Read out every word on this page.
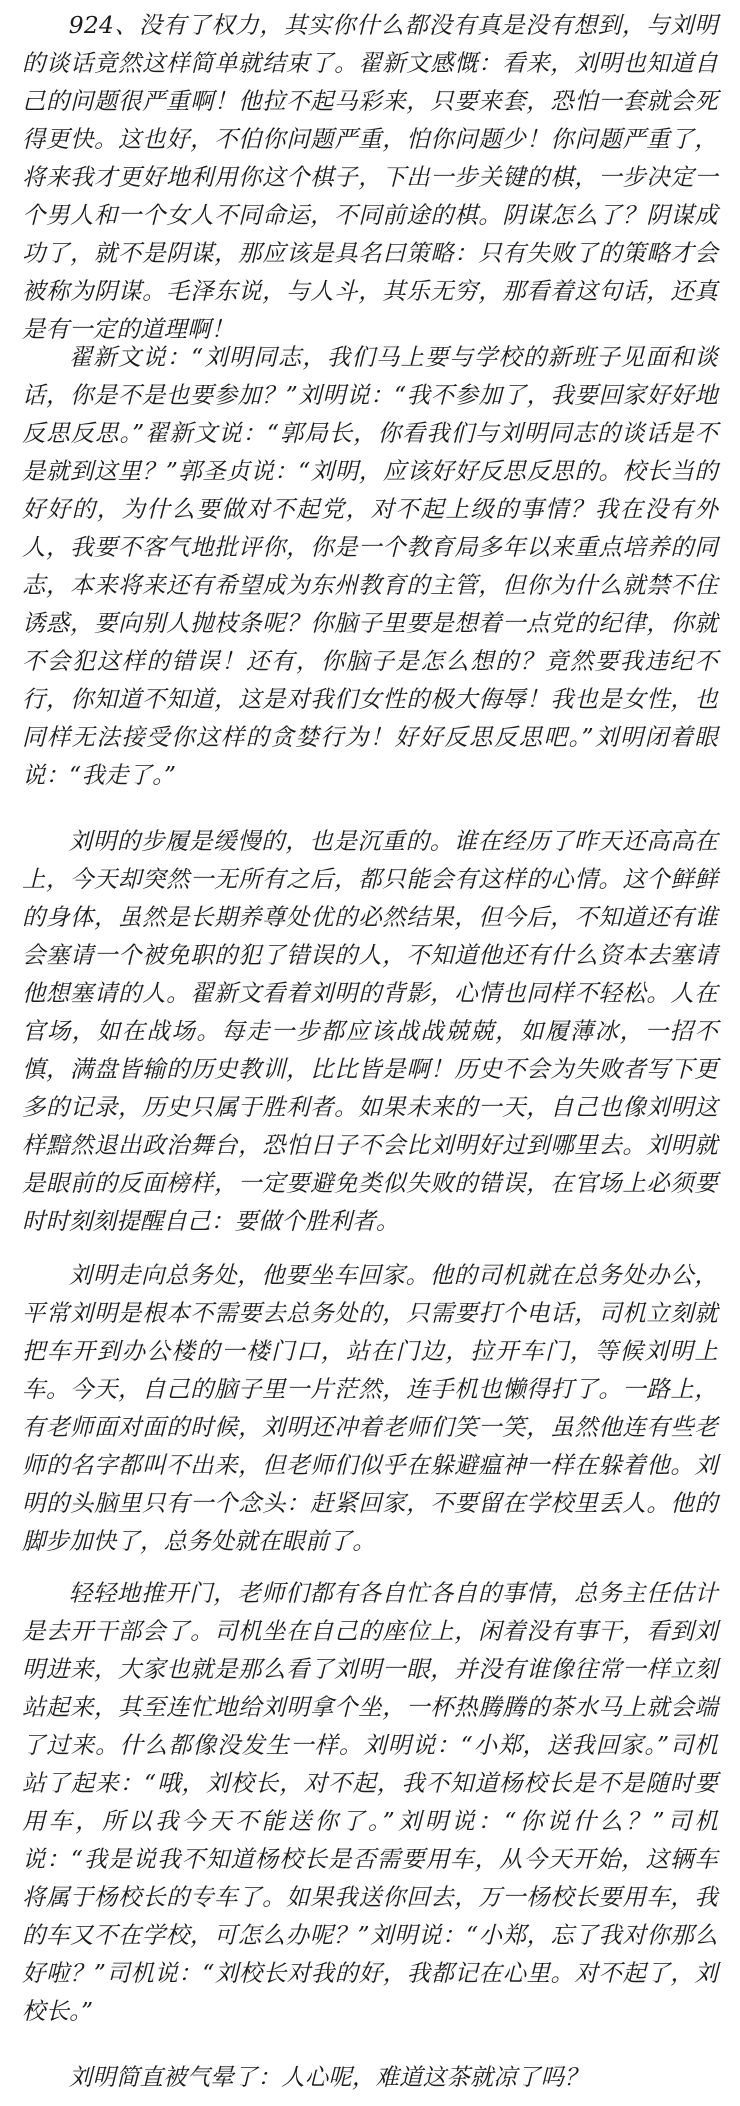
924、没有了权力，其实你什么都没有真是没有想到，与刘明的谈话竟然这样简单就结束了。翟新文感慨：看来，刘明也知道自己的问题很严重啊！他拉不起马彩来，只要来套，恐怕一套就会死得更快。这也好，不伯你问题严重，怕你问题少！你问题严重了，将来我才更好地利用你这个棋子，下出一步关键的棋，一步决定一个男人和一个女人不同命运，不同前途的棋。阴谋怎么了？阴谋成功了，就不是阴谋，那应该是具名曰策略：只有失败了的策略才会被称为阴谋。毛泽东说，与人斗，其乐无穷，那看着这句话，还真是有一定的道理啊！

翟新文说：“刘明同志，我们马上要与学校的新班子见面和谈话，你是不是也要参加？”刘明说：“我不参加了，我要回家好好地反思反思。”翟新文说：“郭局长，你看我们与刘明同志的谈话是不是就到这里？”郭圣贞说：“刘明，应该好好反思反思的。校长当的好好的，为什么要做对不起党，对不起上级的事情？我在没有外人，我要不客气地批评你，你是一个教育局多年以来重点培养的同志，本来将来还有希望成为东州教育的主管，但你为什么就禁不住诱惑，要向别人抛枝条呢？你脑子里要是想着一点党的纪律，你就不会犯这样的错误！还有，你脑子是怎么想的？竟然要我违纪不行，你知道不知道，这是对我们女性的极大侮辱！我也是女性，也同样无法接受你这样的贪婪行为！好好反思反思吧。”刘明闭着眼说：“我走了。”

刘明的步履是缓慢的，也是沉重的。谁在经历了昨天还高高在上，今天却突然一无所有之后，都只能会有这样的心情。这个鲜鲜的身体，虽然是长期养尊处优的必然结果，但今后，不知道还有谁会塞请一个被免职的犯了错误的人，不知道他还有什么资本去塞请他想塞请的人。翟新文看着刘明的背影，心情也同样不轻松。人在官场，如在战场。每走一步都应该战战兢兢，如履薄冰，一招不慎，满盘皆输的历史教训，比比皆是啊！历史不会为失败者写下更多的记录，历史只属于胜利者。如果未来的一天，自己也像刘明这样黯然退出政治舞台，恐怕日子不会比刘明好过到哪里去。刘明就是眼前的反面榜样，一定要避免类似失败的错误，在官场上必须要时时刻刻提醒自己：要做个胜利者。

刘明走向总务处，他要坐车回家。他的司机就在总务处办公，平常刘明是根本不需要去总务处的，只需要打个电话，司机立刻就把车开到办公楼的一楼门口，站在门边，拉开车门，等候刘明上车。今天，自己的脑子里一片茫然，连手机也懒得打了。一路上，有老师面对面的时候，刘明还冲着老师们笑一笑，虽然他连有些老师的名字都叫不出来，但老师们似乎在躲避瘟神一样在躲着他。刘明的头脑里只有一个念头：赶紧回家，不要留在学校里丢人。他的脚步加快了，总务处就在眼前了。

轻轻地推开门，老师们都有各自忙各自的事情，总务主任估计是去开干部会了。司机坐在自己的座位上，闲着没有事干，看到刘明进来，大家也就是那么看了刘明一眼，并没有谁像往常一样立刻站起来，其至连忙地给刘明拿个坐，一杯热腾腾的茶水马上就会端了过来。什么都像没发生一样。刘明说：“小郑，送我回家。”司机站了起来：“哦，刘校长，对不起，我不知道杨校长是不是随时要用车，所以我今天不能送你了。”刘明说：“你说什么？”司机说：“我是说我不知道杨校长是否需要用车，从今天开始，这辆车将属于杨校长的专车了。如果我送你回去，万一杨校长要用车，我的车又不在学校，可怎么办呢？”刘明说：“小郑，忘了我对你那么好啦？”司机说：“刘校长对我的好，我都记在心里。对不起了，刘校长。”

刘明简直被气晕了：人心呢，难道这茶就凉了吗？
